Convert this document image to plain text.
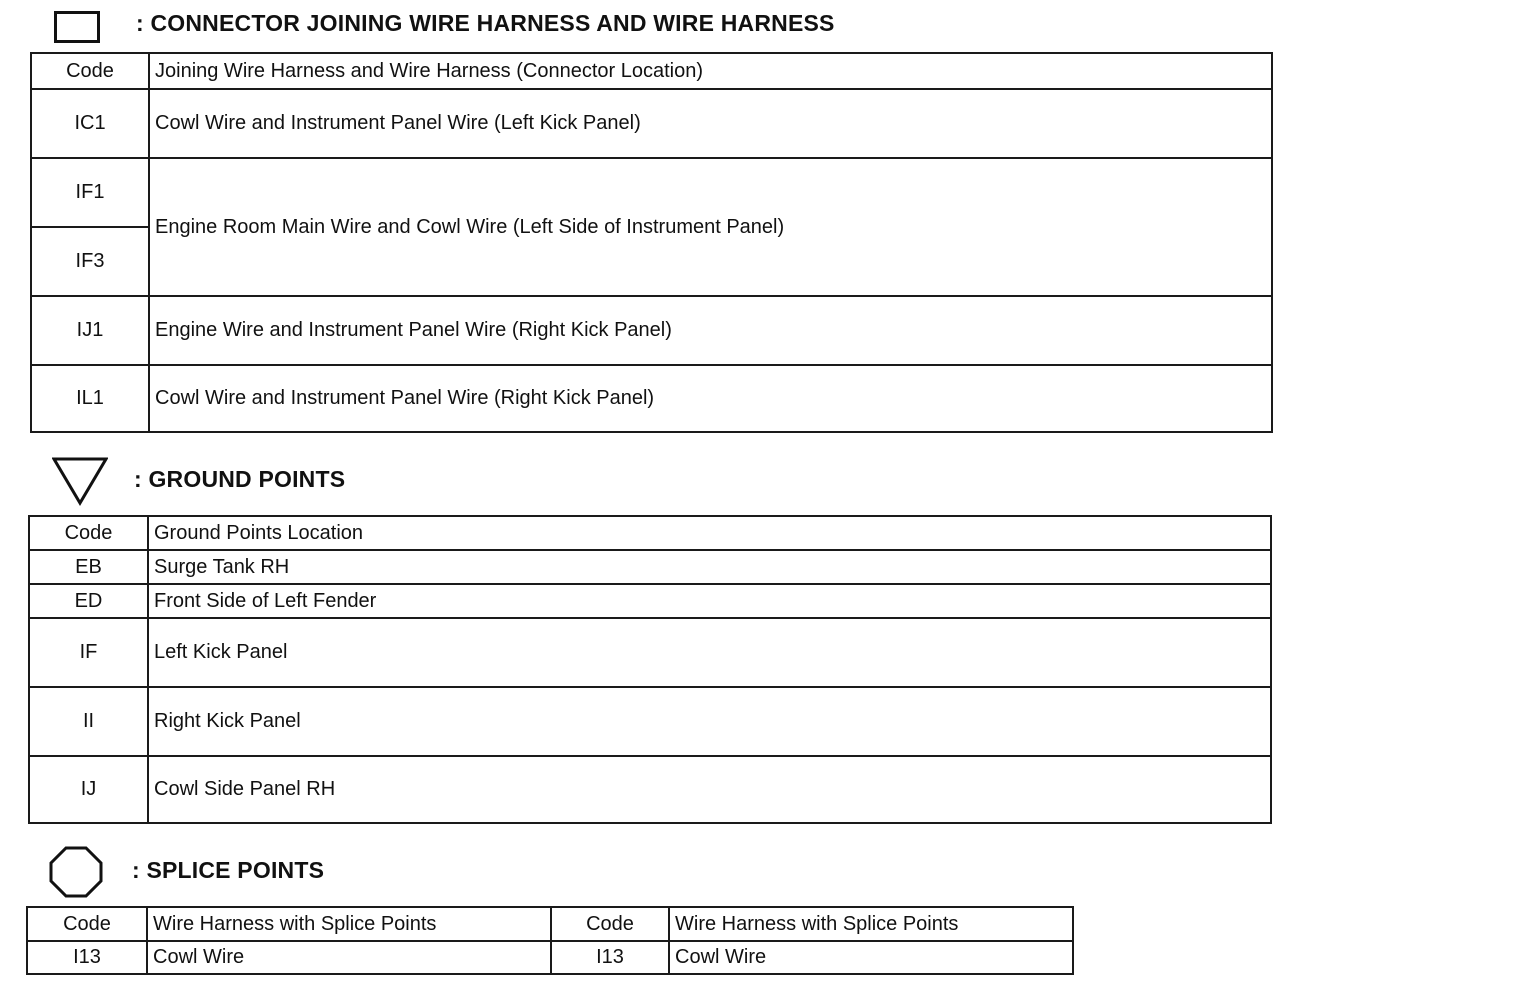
: CONNECTOR JOINING WIRE HARNESS AND WIRE HARNESS
Code	Joining Wire Harness and Wire Harness (Connector Location)
IC1	Cowl Wire and Instrument Panel Wire (Left Kick Panel)
IF1	Engine Room Main Wire and Cowl Wire (Left Side of Instrument Panel)
IF3	
IJ1	Engine Wire and Instrument Panel Wire (Right Kick Panel)
IL1	Cowl Wire and Instrument Panel Wire (Right Kick Panel)
: GROUND POINTS
Code	Ground Points Location
EB	Surge Tank RH
ED	Front Side of Left Fender
IF	Left Kick Panel
II	Right Kick Panel
IJ	Cowl Side Panel RH
: SPLICE POINTS
Code	Wire Harness with Splice Points	Code	Wire Harness with Splice Points
I13	Cowl Wire	I13	Cowl Wire
